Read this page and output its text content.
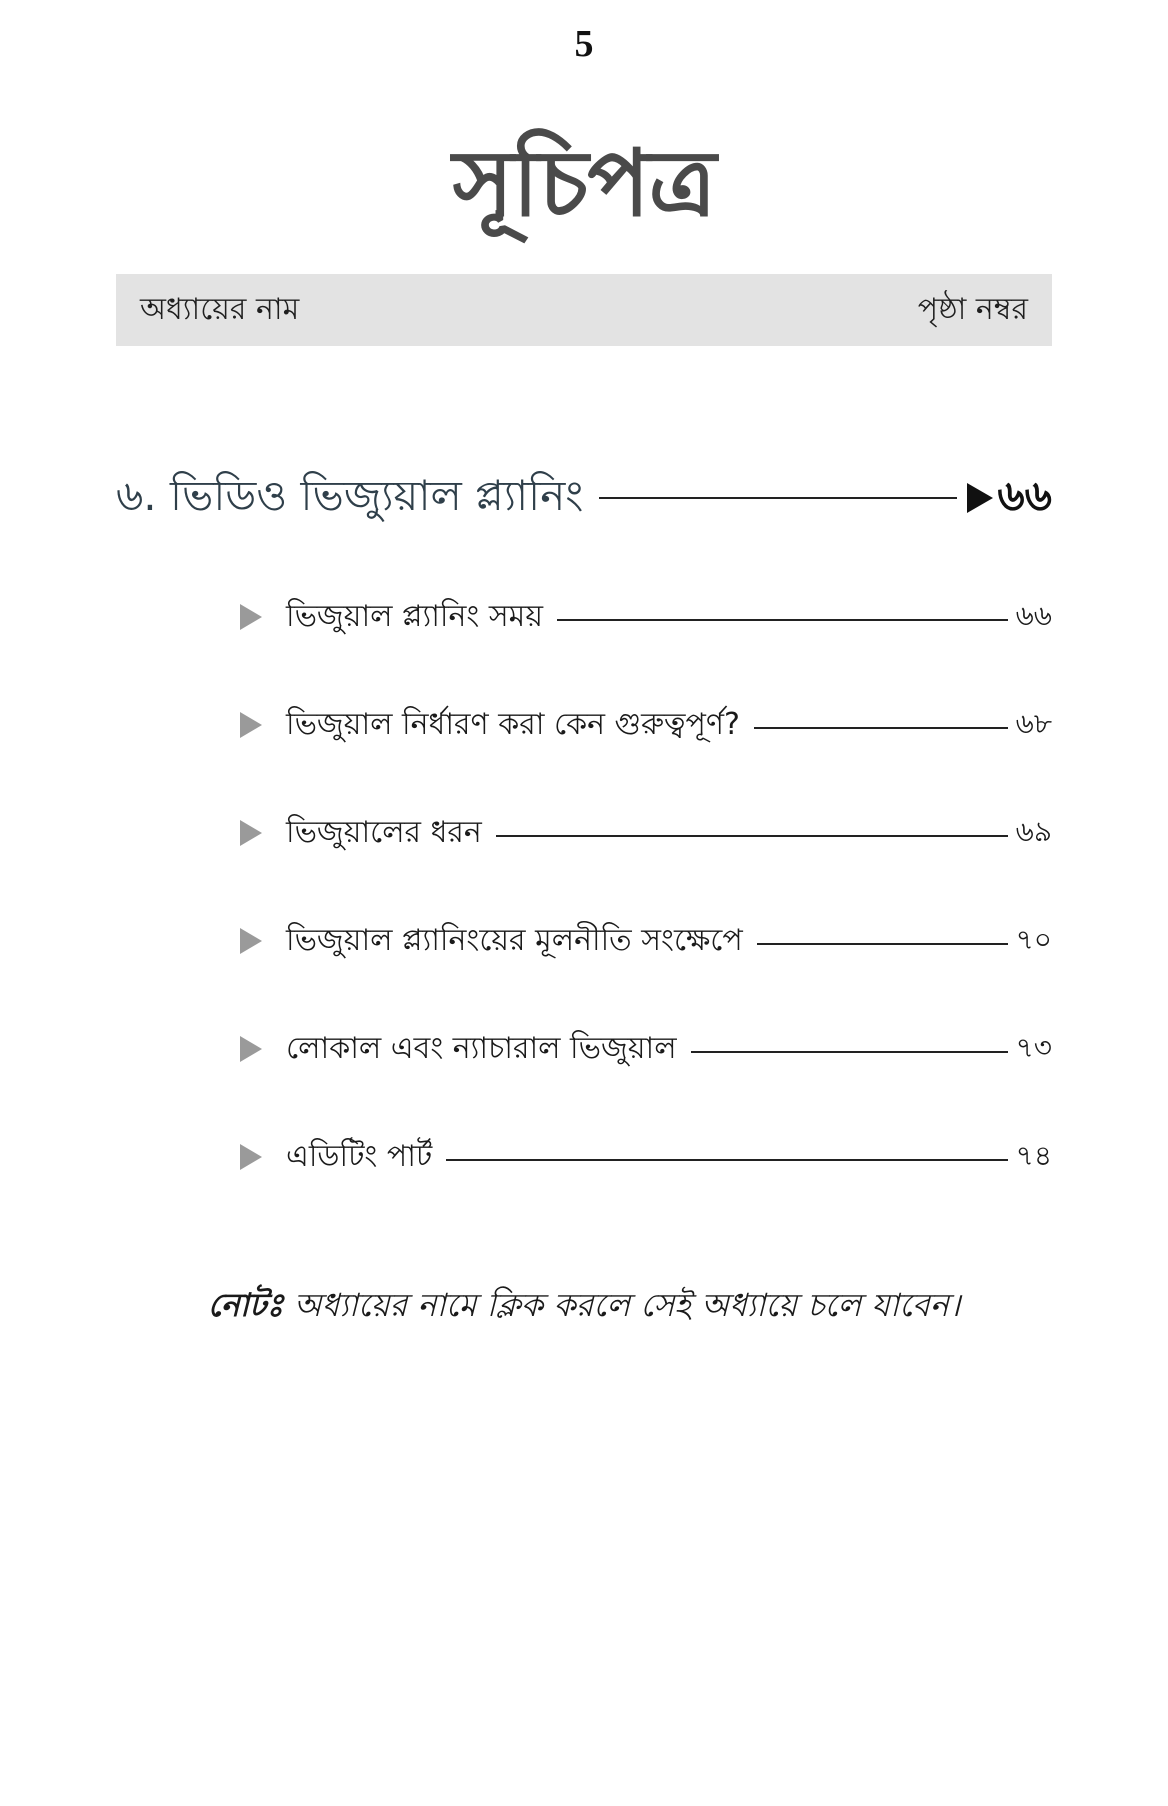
5
সূচিপত্র
অধ্যায়ের নাম	পৃষ্ঠা নম্বর
৬. ভিডিও ভিজ্যুয়াল প্ল্যানিং	৬৬
ভিজুয়াল প্ল্যানিং সময়	৬৬
ভিজুয়াল নির্ধারণ করা কেন গুরুত্বপূর্ণ?	৬৮
ভিজুয়ালের ধরন	৬৯
ভিজুয়াল প্ল্যানিংয়ের মূলনীতি সংক্ষেপে	৭০
লোকাল এবং ন্যাচারাল ভিজুয়াল	৭৩
এডিটিং পার্ট	৭৪
নোটঃ অধ্যায়ের নামে ক্লিক করলে সেই অধ্যায়ে চলে যাবেন।
